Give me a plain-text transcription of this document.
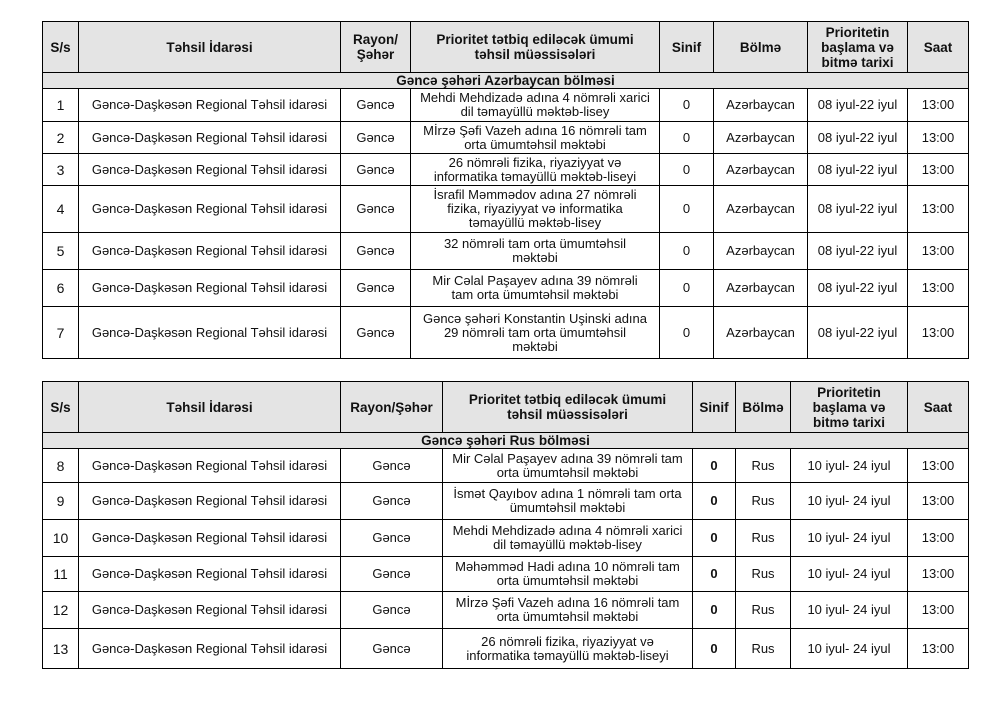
S/s	Təhsil İdarəsi	Rayon/
Şəhər	Prioritet tətbiq ediləcək ümumi
təhsil müəssisələri	Sinif	Bölmə	Prioritetin
başlama və
bitmə tarixi	Saat
Gəncə şəhəri Azərbaycan bölməsi							
1	Gəncə-Daşkəsən Regional Təhsil idarəsi	Gəncə	Mehdi Mehdizadə adına 4 nömrəli xarici
dil təmayüllü məktəb-lisey	0	Azərbaycan	08 iyul-22 iyul	13:00
2	Gəncə-Daşkəsən Regional Təhsil idarəsi	Gəncə	Mİrzə Şəfi Vazeh adına 16 nömrəli tam
orta ümumtəhsil məktəbi	0	Azərbaycan	08 iyul-22 iyul	13:00
3	Gəncə-Daşkəsən Regional Təhsil idarəsi	Gəncə	26 nömrəli fizika, riyaziyyat və
informatika təmayüllü məktəb-liseyi	0	Azərbaycan	08 iyul-22 iyul	13:00
4	Gəncə-Daşkəsən Regional Təhsil idarəsi	Gəncə	İsrafil Məmmədov adına 27 nömrəli
fizika, riyaziyyat və informatika
təmayüllü məktəb-lisey	0	Azərbaycan	08 iyul-22 iyul	13:00
5	Gəncə-Daşkəsən Regional Təhsil idarəsi	Gəncə	32 nömrəli tam orta ümumtəhsil
məktəbi	0	Azərbaycan	08 iyul-22 iyul	13:00
6	Gəncə-Daşkəsən Regional Təhsil idarəsi	Gəncə	Mir Cəlal Paşayev adına 39 nömrəli
tam orta ümumtəhsil məktəbi	0	Azərbaycan	08 iyul-22 iyul	13:00
7	Gəncə-Daşkəsən Regional Təhsil idarəsi	Gəncə	Gəncə şəhəri Konstantin Uşinski adına
29 nömrəli tam orta ümumtəhsil
məktəbi	0	Azərbaycan	08 iyul-22 iyul	13:00
S/s	Təhsil İdarəsi	Rayon/Şəhər	Prioritet tətbiq ediləcək ümumi
təhsil müəssisələri	Sinif	Bölmə	Prioritetin
başlama və
bitmə tarixi	Saat
Gəncə şəhəri Rus bölməsi							
8	Gəncə-Daşkəsən Regional Təhsil idarəsi	Gəncə	Mir Cəlal Paşayev adına 39 nömrəli tam
orta ümumtəhsil məktəbi	0	Rus	10 iyul- 24 iyul	13:00
9	Gəncə-Daşkəsən Regional Təhsil idarəsi	Gəncə	İsmət Qayıbov adına 1 nömrəli tam orta
ümumtəhsil məktəbi	0	Rus	10 iyul- 24 iyul	13:00
10	Gəncə-Daşkəsən Regional Təhsil idarəsi	Gəncə	Mehdi Mehdizadə adına 4 nömrəli xarici
dil təmayüllü məktəb-lisey	0	Rus	10 iyul- 24 iyul	13:00
11	Gəncə-Daşkəsən Regional Təhsil idarəsi	Gəncə	Məhəmməd Hadi adına 10 nömrəli tam
orta ümumtəhsil məktəbi	0	Rus	10 iyul- 24 iyul	13:00
12	Gəncə-Daşkəsən Regional Təhsil idarəsi	Gəncə	Mİrzə Şəfi Vazeh adına 16 nömrəli tam
orta ümumtəhsil məktəbi	0	Rus	10 iyul- 24 iyul	13:00
13	Gəncə-Daşkəsən Regional Təhsil idarəsi	Gəncə	26 nömrəli fizika, riyaziyyat və
informatika təmayüllü məktəb-liseyi	0	Rus	10 iyul- 24 iyul	13:00
